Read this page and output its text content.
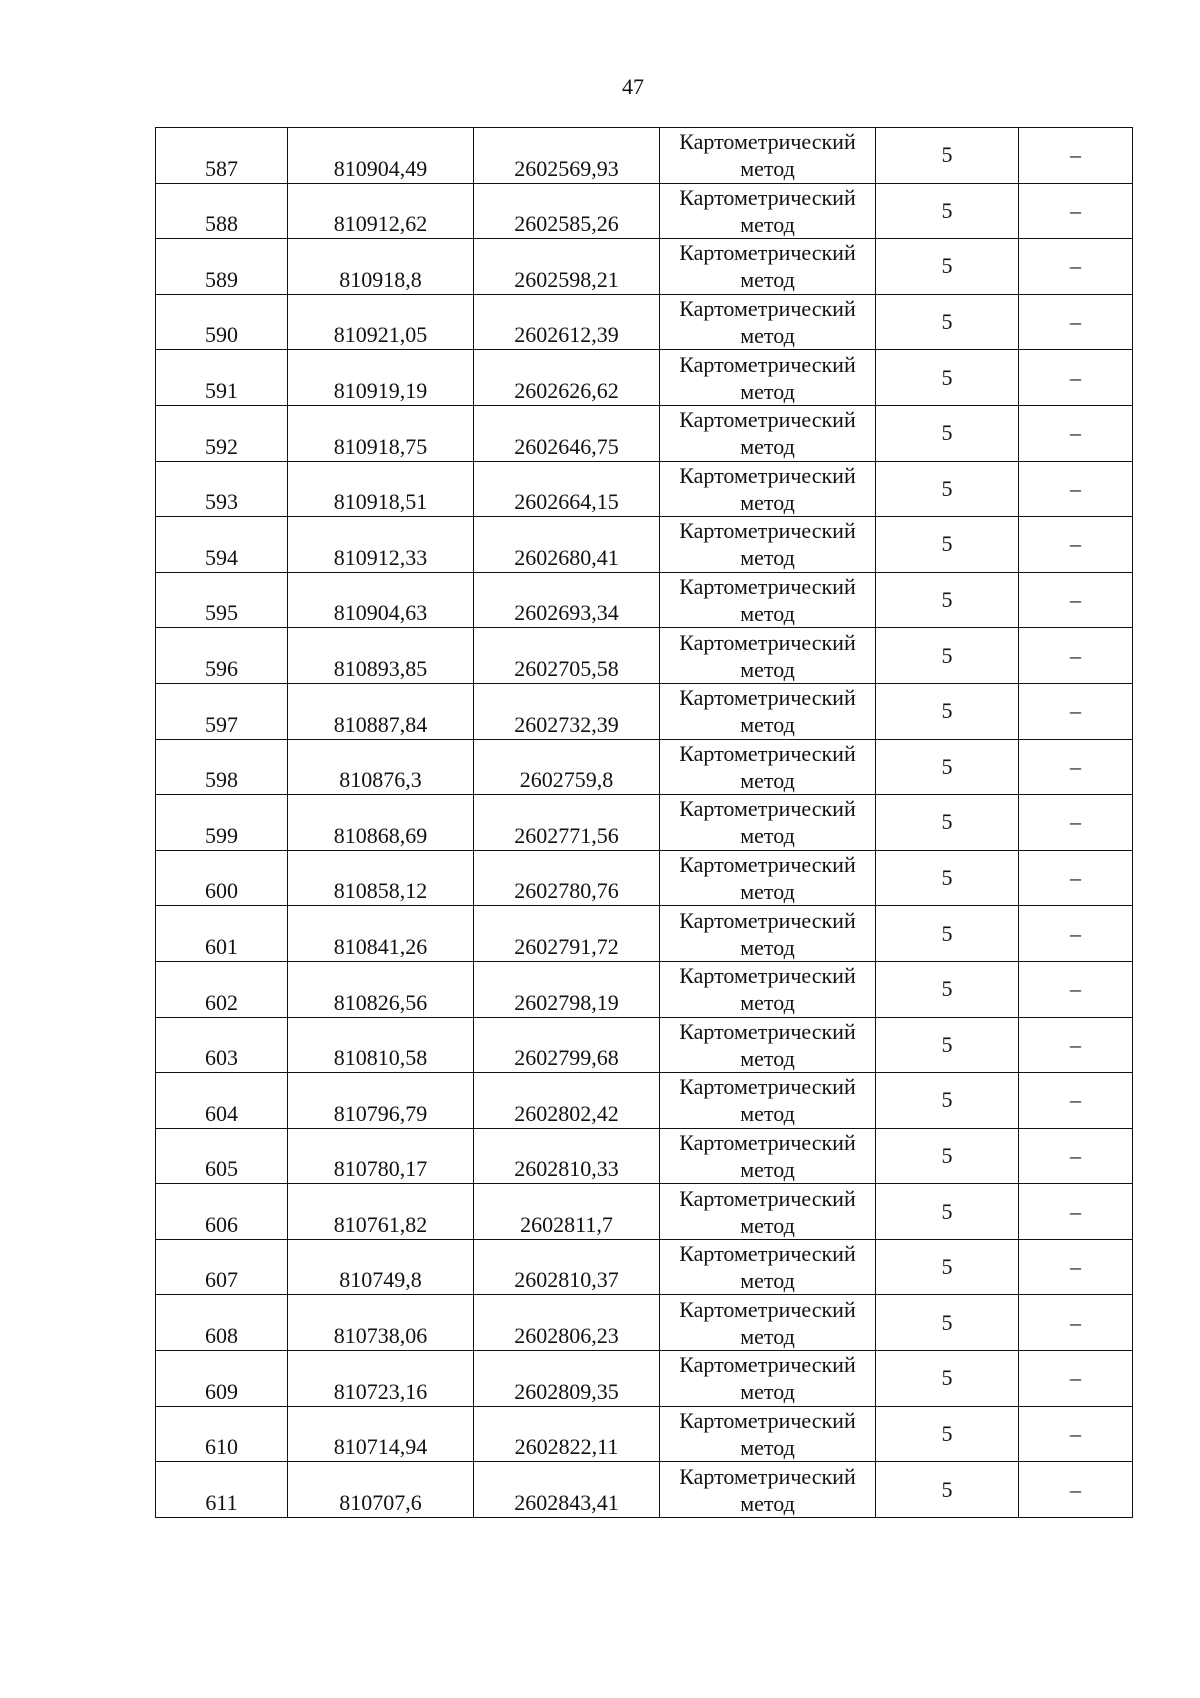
47
587	810904,49	2602569,93	Картометрический
метод	5	–
588	810912,62	2602585,26	Картометрический
метод	5	–
589	810918,8	2602598,21	Картометрический
метод	5	–
590	810921,05	2602612,39	Картометрический
метод	5	–
591	810919,19	2602626,62	Картометрический
метод	5	–
592	810918,75	2602646,75	Картометрический
метод	5	–
593	810918,51	2602664,15	Картометрический
метод	5	–
594	810912,33	2602680,41	Картометрический
метод	5	–
595	810904,63	2602693,34	Картометрический
метод	5	–
596	810893,85	2602705,58	Картометрический
метод	5	–
597	810887,84	2602732,39	Картометрический
метод	5	–
598	810876,3	2602759,8	Картометрический
метод	5	–
599	810868,69	2602771,56	Картометрический
метод	5	–
600	810858,12	2602780,76	Картометрический
метод	5	–
601	810841,26	2602791,72	Картометрический
метод	5	–
602	810826,56	2602798,19	Картометрический
метод	5	–
603	810810,58	2602799,68	Картометрический
метод	5	–
604	810796,79	2602802,42	Картометрический
метод	5	–
605	810780,17	2602810,33	Картометрический
метод	5	–
606	810761,82	2602811,7	Картометрический
метод	5	–
607	810749,8	2602810,37	Картометрический
метод	5	–
608	810738,06	2602806,23	Картометрический
метод	5	–
609	810723,16	2602809,35	Картометрический
метод	5	–
610	810714,94	2602822,11	Картометрический
метод	5	–
611	810707,6	2602843,41	Картометрический
метод	5	–
